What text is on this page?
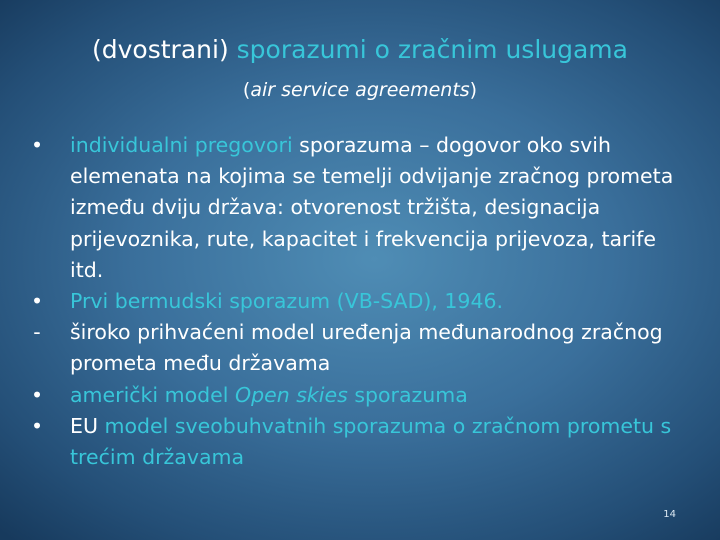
(dvostrani) sporazumi o zračnim uslugama
(air service agreements)
• individualni pregovori sporazuma – dogovor oko svih elemenata na kojima se temelji odvijanje zračnog prometa između dviju država: otvorenost tržišta, designacija prijevoznika, rute, kapacitet i frekvencija prijevoza, tarife itd.
• Prvi bermudski sporazum (VB-SAD), 1946.
- široko prihvaćeni model uređenja međunarodnog zračnog prometa među državama
• američki model Open skies sporazuma
• EU model sveobuhvatnih sporazuma o zračnom prometu s trećim državama
14
